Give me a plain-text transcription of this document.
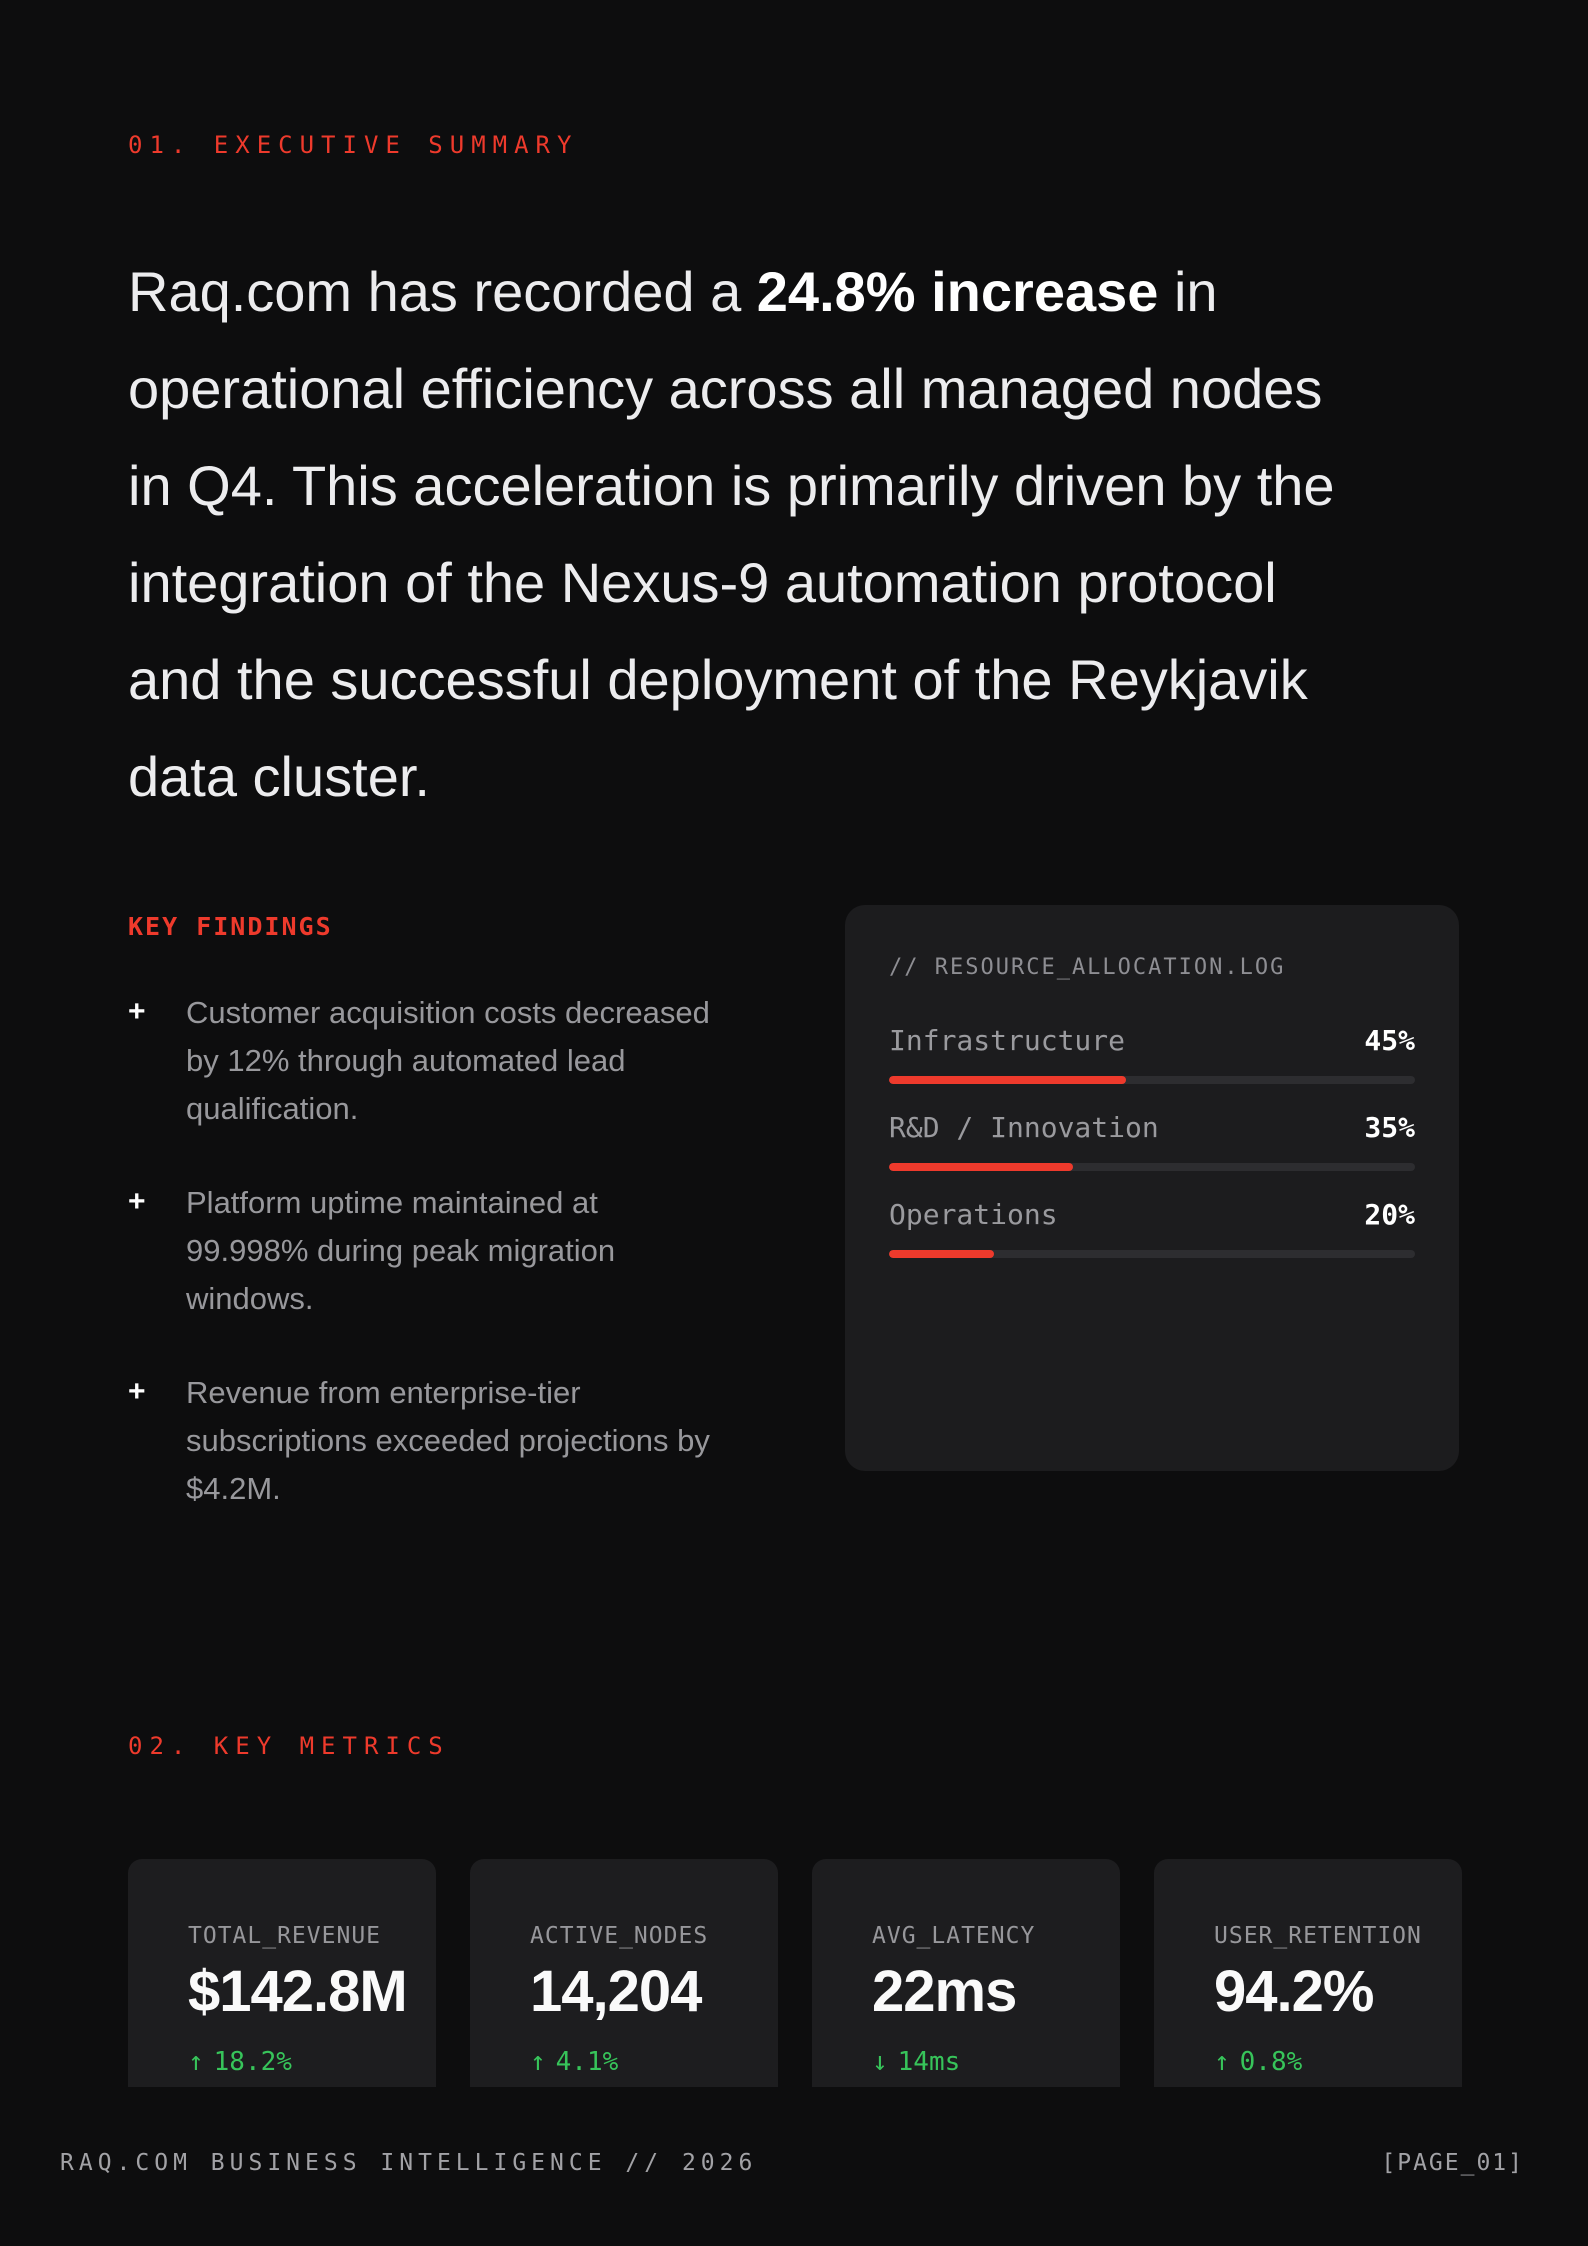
01. EXECUTIVE SUMMARY

Raq.com has recorded a 24.8% increase in operational efficiency across all managed nodes in Q4. This acceleration is primarily driven by the integration of the Nexus-9 automation protocol and the successful deployment of the Reykjavik data cluster.

KEY FINDINGS
+	Customer acquisition costs decreased by 12% through automated lead qualification.
+	Platform uptime maintained at 99.998% during peak migration windows.
+	Revenue from enterprise-tier subscriptions exceeded projections by $4.2M.
// RESOURCE_ALLOCATION.LOG
Infrastructure	45%
R&D / Innovation	35%
Operations	20%
02. KEY METRICS
TOTAL_REVENUE
$142.8M
↑ 18.2%
ACTIVE_NODES
14,204
↑ 4.1%
AVG_LATENCY
22ms
↓ 14ms
USER_RETENTION
94.2%
↑ 0.8%
RAQ.COM BUSINESS INTELLIGENCE // 2026	[PAGE_01]
